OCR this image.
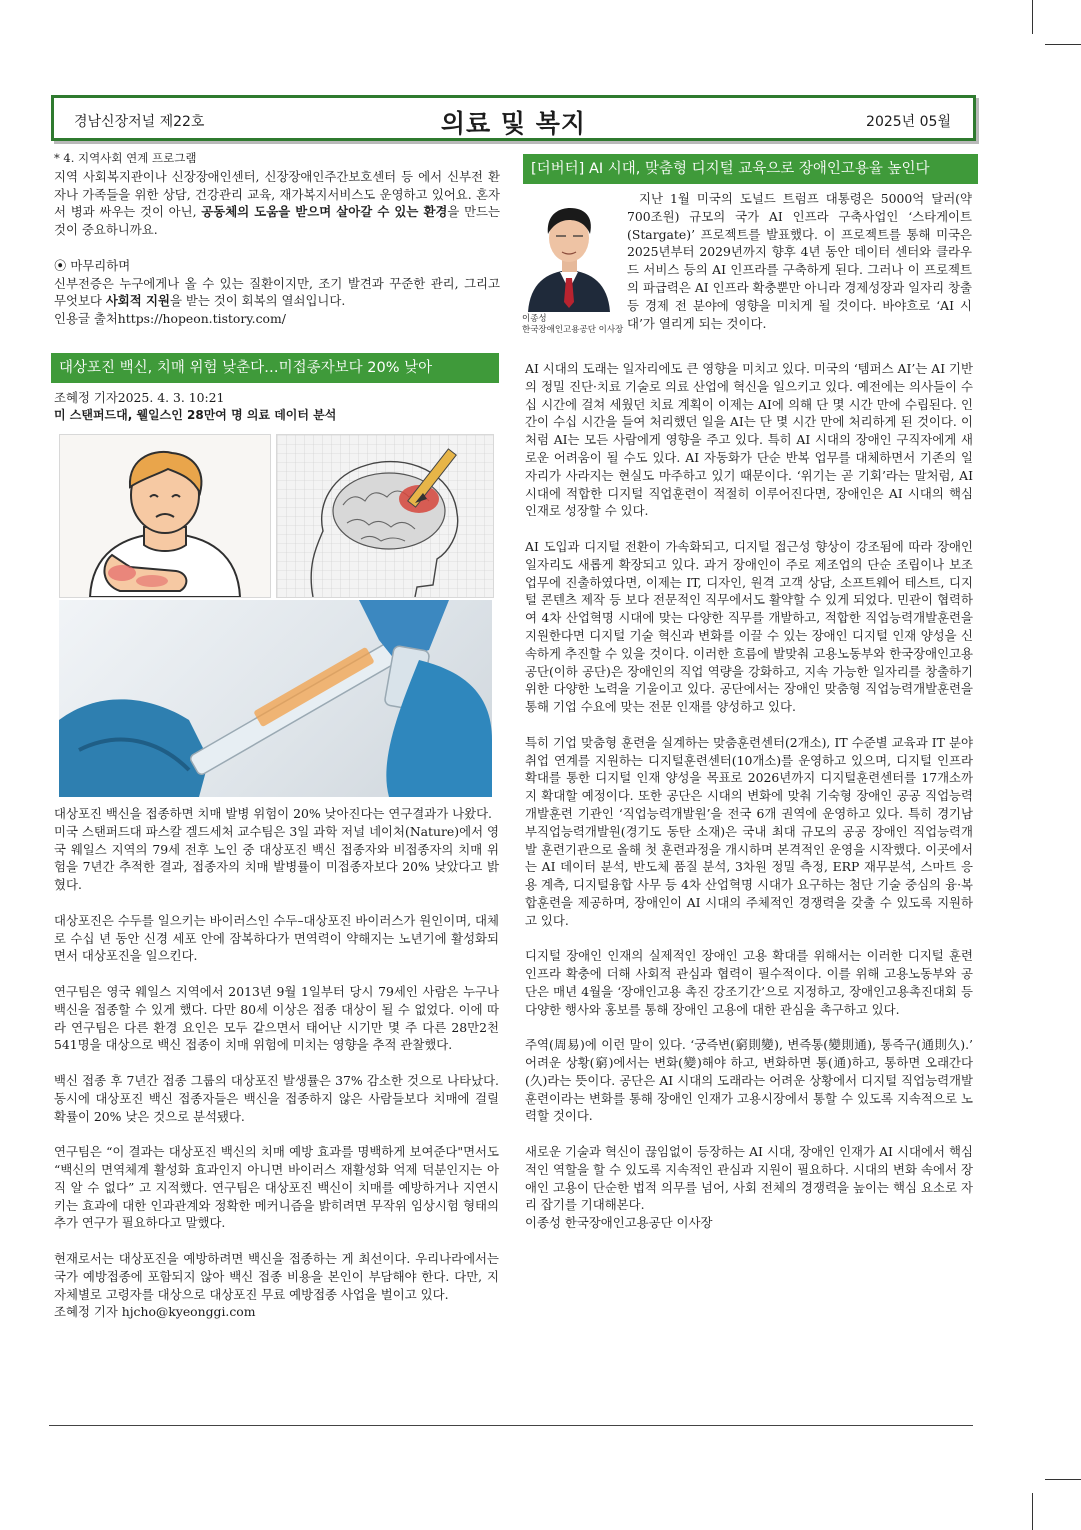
경남신장저널 제22호	의료 및 복지	2025년 05월

* 4. 지역사회 연계 프로그램

지역 사회복지관이나 신장장애인센터, 신장장애인주간보호센터 등 에서 신부전 환자나 가족들을 위한 상담, 건강관리 교육, 재가복지서비스도 운영하고 있어요. 혼자서 병과 싸우는 것이 아닌, 공동체의 도움을 받으며 살아갈 수 있는 환경을 만드는 것이 중요하니까요.

⦿ 마무리하며

신부전증은 누구에게나 올 수 있는 질환이지만, 조기 발견과 꾸준한 관리, 그리고 무엇보다 사회적 지원을 받는 것이 회복의 열쇠입니다.

인용글 출처https://hopeon.tistory.com/

대상포진 백신, 치매 위험 낮춘다…미접종자보다 20% 낮아

조혜정 기자2025. 4. 3. 10:21

미 스탠퍼드대, 웰일스인 28만여 명 의료 데이터 분석

대상포진 백신을 접종하면 치매 발병 위험이 20% 낮아진다는 연구결과가 나왔다.

미국 스탠퍼드대 파스칼 겔드세처 교수팀은 3일 과학 저널 네이처(Nature)에서 영국 웨일스 지역의 79세 전후 노인 중 대상포진 백신 접종자와 비접종자의 치매 위험을 7년간 추적한 결과, 접종자의 치매 발병률이 미접종자보다 20% 낮았다고 밝혔다.

대상포진은 수두를 일으키는 바이러스인 수두–대상포진 바이러스가 원인이며, 대체로 수십 년 동안 신경 세포 안에 잠복하다가 면역력이 약해지는 노년기에 활성화되면서 대상포진을 일으킨다.

연구팀은 영국 웨일스 지역에서 2013년 9월 1일부터 당시 79세인 사람은 누구나 백신을 접종할 수 있게 했다. 다만 80세 이상은 접종 대상이 될 수 없었다. 이에 따라 연구팀은 다른 환경 요인은 모두 같으면서 태어난 시기만 몇 주 다른 28만2천541명을 대상으로 백신 접종이 치매 위험에 미치는 영향을 추적 관찰했다.

백신 접종 후 7년간 접종 그룹의 대상포진 발생률은 37% 감소한 것으로 나타났다. 동시에 대상포진 백신 접종자들은 백신을 접종하지 않은 사람들보다 치매에 걸릴 확률이 20% 낮은 것으로 분석됐다.

연구팀은 “이 결과는 대상포진 백신의 치매 예방 효과를 명백하게 보여준다"면서도 “백신의 면역체계 활성화 효과인지 아니면 바이러스 재활성화 억제 덕분인지는 아직 알 수 없다” 고 지적했다. 연구팀은 대상포진 백신이 치매를 예방하거나 지연시키는 효과에 대한 인과관계와 정확한 메커니즘을 밝히려면 무작위 임상시험 형태의 추가 연구가 필요하다고 말했다.

현재로서는 대상포진을 예방하려면 백신을 접종하는 게 최선이다. 우리나라에서는 국가 예방접종에 포함되지 않아 백신 접종 비용을 본인이 부담해야 한다. 다만, 지자체별로 고령자를 대상으로 대상포진 무료 예방접종 사업을 벌이고 있다.

조혜정 기자 hjcho@kyeonggi.com

[더버터] AI 시대, 맞춤형 디지털 교육으로 장애인고용율 높인다
이종성
한국장애인고용공단 이사장

지난 1월 미국의 도널드 트럼프 대통령은 5000억 달러(약 700조원) 규모의 국가 AI 인프라 구축사업인 ‘스타게이트(Stargate)’ 프로젝트를 발표했다. 이 프로젝트를 통해 미국은 2025년부터 2029년까지 향후 4년 동안 데이터 센터와 클라우드 서비스 등의 AI 인프라를 구축하게 된다. 그러나 이 프로젝트의 파급력은 AI 인프라 확충뿐만 아니라 경제성장과 일자리 창출 등 경제 전 분야에 영향을 미치게 될 것이다. 바야흐로 ‘AI 시대’가 열리게 되는 것이다.

AI 시대의 도래는 일자리에도 큰 영향을 미치고 있다. 미국의 ‘템퍼스 AI’는 AI 기반의 정밀 진단·치료 기술로 의료 산업에 혁신을 일으키고 있다. 예전에는 의사들이 수십 시간에 걸쳐 세웠던 치료 계획이 이제는 AI에 의해 단 몇 시간 만에 수립된다. 인간이 수십 시간을 들여 처리했던 일을 AI는 단 몇 시간 만에 처리하게 된 것이다. 이처럼 AI는 모든 사람에게 영향을 주고 있다. 특히 AI 시대의 장애인 구직자에게 새로운 어려움이 될 수도 있다. AI 자동화가 단순 반복 업무를 대체하면서 기존의 일자리가 사라지는 현실도 마주하고 있기 때문이다. ‘위기는 곧 기회’라는 말처럼, AI 시대에 적합한 디지털 직업훈련이 적절히 이루어진다면, 장애인은 AI 시대의 핵심 인재로 성장할 수 있다.

AI 도입과 디지털 전환이 가속화되고, 디지털 접근성 향상이 강조됨에 따라 장애인 일자리도 새롭게 확장되고 있다. 과거 장애인이 주로 제조업의 단순 조립이나 보조 업무에 진출하였다면, 이제는 IT, 디자인, 원격 고객 상담, 소프트웨어 테스트, 디지털 콘텐츠 제작 등 보다 전문적인 직무에서도 활약할 수 있게 되었다. 민관이 협력하여 4차 산업혁명 시대에 맞는 다양한 직무를 개발하고, 적합한 직업능력개발훈련을 지원한다면 디지털 기술 혁신과 변화를 이끌 수 있는 장애인 디지털 인재 양성을 신속하게 추진할 수 있을 것이다. 이러한 흐름에 발맞춰 고용노동부와 한국장애인고용공단(이하 공단)은 장애인의 직업 역량을 강화하고, 지속 가능한 일자리를 창출하기 위한 다양한 노력을 기울이고 있다. 공단에서는 장애인 맞춤형 직업능력개발훈련을 통해 기업 수요에 맞는 전문 인재를 양성하고 있다.

특히 기업 맞춤형 훈련을 실계하는 맞춤훈련센터(2개소), IT 수준별 교육과 IT 분야 취업 연계를 지원하는 디지털훈련센터(10개소)를 운영하고 있으며, 디지털 인프라 확대를 통한 디지털 인재 양성을 목표로 2026년까지 디지털훈련센터를 17개소까지 확대할 예정이다. 또한 공단은 시대의 변화에 맞춰 기숙형 장애인 공공 직업능력개발훈련 기관인 ‘직업능력개발원’을 전국 6개 권역에 운영하고 있다. 특히 경기남부직업능력개발원(경기도 동탄 소재)은 국내 최대 규모의 공공 장애인 직업능력개발 훈련기관으로 올해 첫 훈련과정을 개시하며 본격적인 운영을 시작했다. 이곳에서는 AI 데이터 분석, 반도체 품질 분석, 3차원 정밀 측정, ERP 재무분석, 스마트 응용 계측, 디지털융합 사무 등 4차 산업혁명 시대가 요구하는 첨단 기술 중심의 융·복합훈련을 제공하며, 장애인이 AI 시대의 주체적인 경쟁력을 갖출 수 있도록 지원하고 있다.

디지털 장애인 인재의 실제적인 장애인 고용 확대를 위해서는 이러한 디지털 훈련 인프라 확충에 더해 사회적 관심과 협력이 필수적이다. 이를 위해 고용노동부와 공단은 매년 4월을 ‘장애인고용 촉진 강조기간’으로 지정하고, 장애인고용촉진대회 등 다양한 행사와 홍보를 통해 장애인 고용에 대한 관심을 촉구하고 있다.

주역(周易)에 이런 말이 있다. ‘궁즉변(窮則變), 변즉통(變則通), 통즉구(通則久).’ 어려운 상황(窮)에서는 변화(變)해야 하고, 변화하면 통(通)하고, 통하면 오래간다(久)라는 뜻이다. 공단은 AI 시대의 도래라는 어려운 상황에서 디지털 직업능력개발훈련이라는 변화를 통해 장애인 인재가 고용시장에서 통할 수 있도록 지속적으로 노력할 것이다.

새로운 기술과 혁신이 끊임없이 등장하는 AI 시대, 장애인 인재가 AI 시대에서 핵심적인 역할을 할 수 있도록 지속적인 관심과 지원이 필요하다. 시대의 변화 속에서 장애인 고용이 단순한 법적 의무를 넘어, 사회 전체의 경쟁력을 높이는 핵심 요소로 자리 잡기를 기대해본다.

이종성 한국장애인고용공단 이사장
